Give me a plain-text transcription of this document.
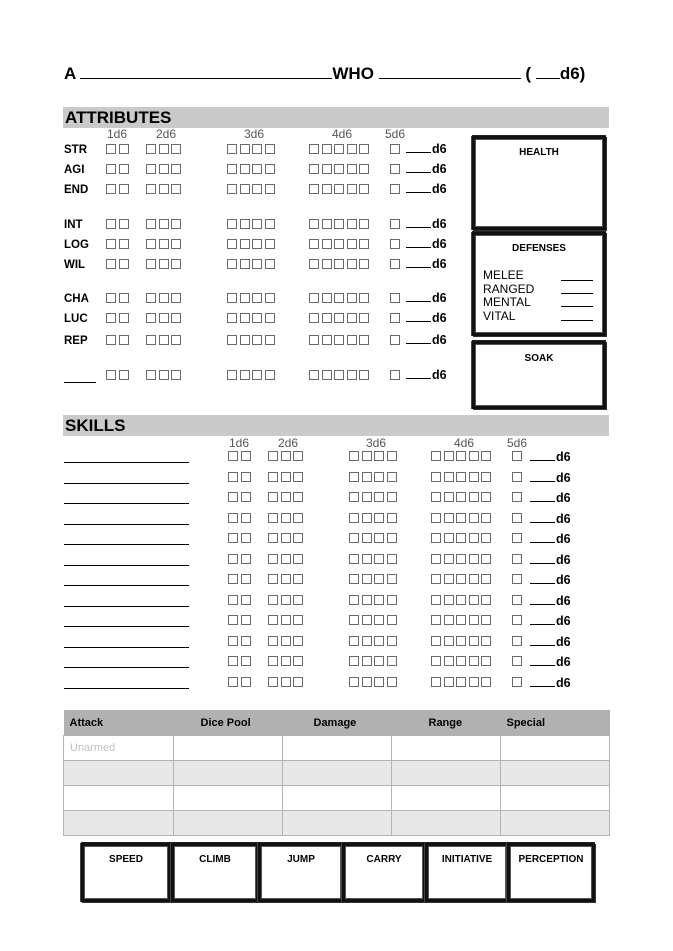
A	WHO	( d6)
ATTRIBUTES
1d6 2d6	3d6	4d6	5d6
STR	d6
AGI	d6
END	d6
INT	d6
LOG	d6
WIL	d6
CHA	d6
LUC	d6
REP	d6
d6
HEALTH
DEFENSES
MELEE
RANGED
MENTAL
VITAL
SOAK
SKILLS
1d6 2d6	3d6	4d6	5d6
d6
d6
d6
d6
d6
d6
d6
d6
d6
d6
d6
d6
Attack	Dice Pool	Damage	Range	Special
Unarmed				

SPEED	CLIMB	JUMP	CARRY	INITIATIVE	PERCEPTION
